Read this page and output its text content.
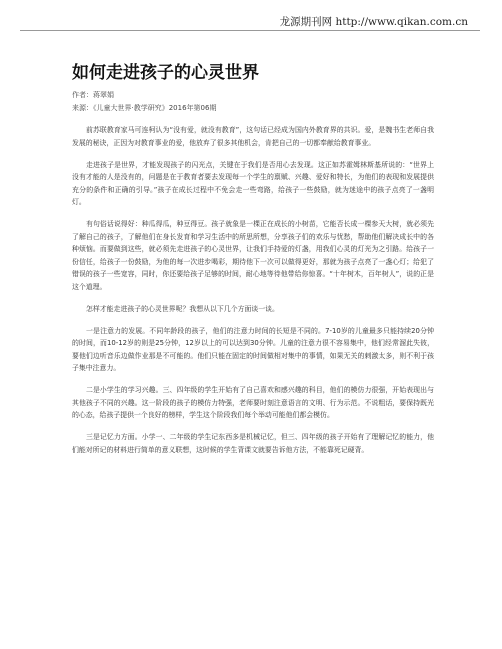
龙源期刊网 http://www.qikan.com.cn
如何走进孩子的心灵世界
作者：蒋翠娟
来源：《儿童大世界·教学研究》2016年第06期

前苏联教育家马可连柯认为“没有爱，就没有教育”，这句话已经成为国内外教育界的共识。爱，是魏书生老师自我发展的秘诀，正因为对教育事业的爱，他放弃了很多其他机会，肯把自己的一切都奉献给教育事业。

走进孩子是世界，才能发现孩子的闪光点，关键在于我们是否用心去发现。这正如苏霍姆林斯基所说的：“世界上没有才能的人是没有的，问题是在于教育者要去发现每一个学生的禀赋、兴趣、爱好和特长，为他们的表现和发展提供充分的条件和正确的引导。”孩子在成长过程中不免会走一些弯路，给孩子一些鼓励，就为迷途中的孩子点亮了一盏明灯。

有句俗话说得好：种瓜得瓜，种豆得豆。孩子就象是一棵正在成长的小树苗，它能否长成一棵参天大树，就必须先了解自己的孩子，了解他们在身长发育和学习生活中的所思所想，分享孩子们的欢乐与忧愁，帮助他们解决成长中的各种烦恼。而要做到这些，就必须先走进孩子的心灵世界，让我们手持爱的灯盏，用我们心灵的灯光为之引路。给孩子一份信任，给孩子一份鼓励，为他的每一次进步喝彩，期待他下一次可以做得更好，那就为孩子点亮了一盏心灯；给犯了错误的孩子一些宽容，同时，你还要给孩子足够的时间，耐心地等待他带给你惊喜。“十年树木，百年树人”，说的正是这个道理。

怎样才能走进孩子的心灵世界呢？我想从以下几个方面谈一谈。

一是注意力的发展。不同年龄段的孩子，他们的注意力时间的长短是不同的。7-10岁的儿童最多只能持续20分钟的时间，而10-12岁的则是25分钟，12岁以上的可以达到30分钟。儿童的注意力很不容易集中，他们经常溜此失彼，要他们边听音乐边做作业那是不可能的。他们只能在固定的时间做相对集中的事情，如果无关的刺激太多，则不利于孩子集中注意力。

二是小学生的学习兴趣。三、四年级的学生开始有了自己喜欢和感兴趣的科目，他们的模仿力很强，开始表现出与其他孩子不同的兴趣。这一阶段的孩子的模仿力特强，老师要时刻注意语言的文明、行为示范。不说粗话，要保持既光的心态，给孩子提供一个良好的榜样，学生这个阶段我们每个举动可能他们都会模仿。

三是记忆力方面。小学一、二年级的学生记东西多是机械记忆，但三、四年级的孩子开始有了理解记忆的能力，他们能对所记的材料进行简单的意义联想，这时候的学生背课文就要告诉他方法，不能靠死记硬背。
